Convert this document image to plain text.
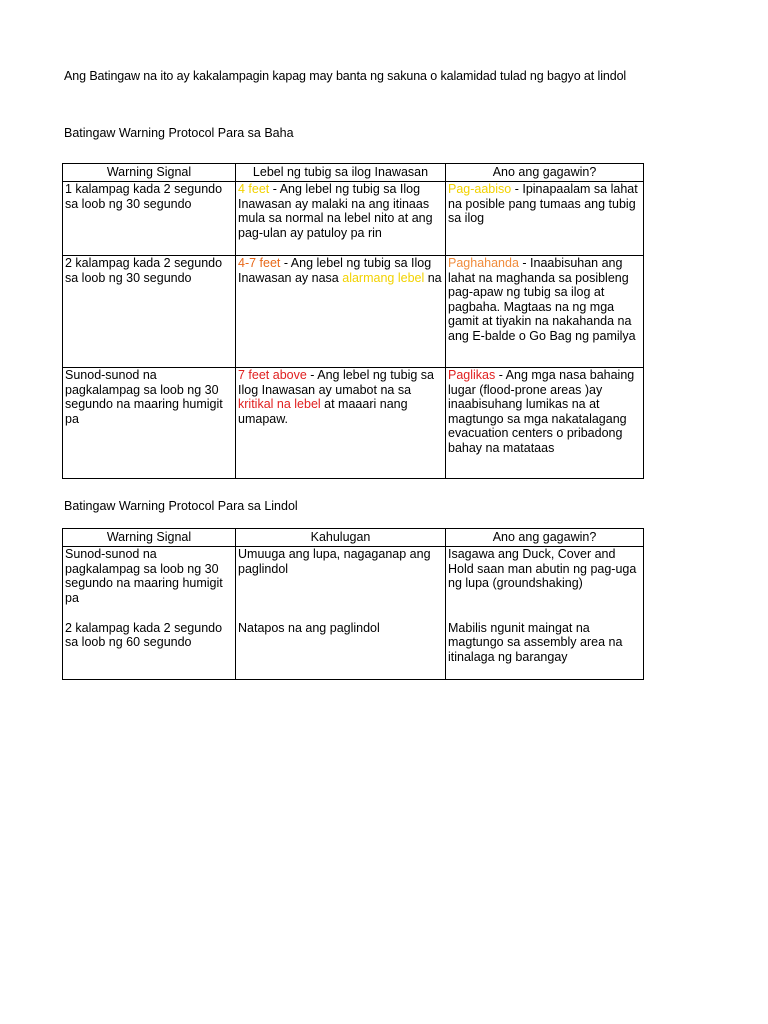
Ang Batingaw na ito ay kakalampagin kapag may banta ng sakuna o kalamidad tulad ng bagyo at lindol
Batingaw Warning Protocol Para sa Baha
Warning Signal	Lebel ng tubig sa ilog Inawasan	Ano ang gagawin?
1 kalampag kada 2 segundo sa loob ng 30 segundo	4 feet - Ang lebel ng tubig sa Ilog Inawasan ay malaki na ang itinaas mula sa normal na lebel nito at ang pag-ulan ay patuloy pa rin	Pag-aabiso - Ipinapaalam sa lahat na posible pang tumaas ang tubig sa ilog
2 kalampag kada 2 segundo sa loob ng 30 segundo	4-7 feet - Ang lebel ng tubig sa Ilog Inawasan ay nasa alarmang lebel na	Paghahanda - Inaabisuhan ang lahat na maghanda sa posibleng pag-apaw ng tubig sa ilog at pagbaha. Magtaas na ng mga gamit at tiyakin na nakahanda na ang E-balde o Go Bag ng pamilya
Sunod-sunod na pagkalampag sa loob ng 30 segundo na maaring humigit pa	7 feet above - Ang lebel ng tubig sa Ilog Inawasan ay umabot na sa kritikal na lebel at maaari nang umapaw.	Paglikas - Ang mga nasa bahaing lugar (flood-prone areas )ay inaabisuhang lumikas na at magtungo sa mga nakatalagang evacuation centers o pribadong bahay na matataas
Batingaw Warning Protocol Para sa Lindol
Warning Signal	Kahulugan	Ano ang gagawin?
Sunod-sunod na pagkalampag sa loob ng 30 segundo na maaring humigit pa	Umuuga ang lupa, nagaganap ang paglindol	Isagawa ang Duck, Cover and Hold saan man abutin ng pag-uga ng lupa (groundshaking)
2 kalampag kada 2 segundo sa loob ng 60 segundo	Natapos na ang paglindol	Mabilis ngunit maingat na magtungo sa assembly area na itinalaga ng barangay
